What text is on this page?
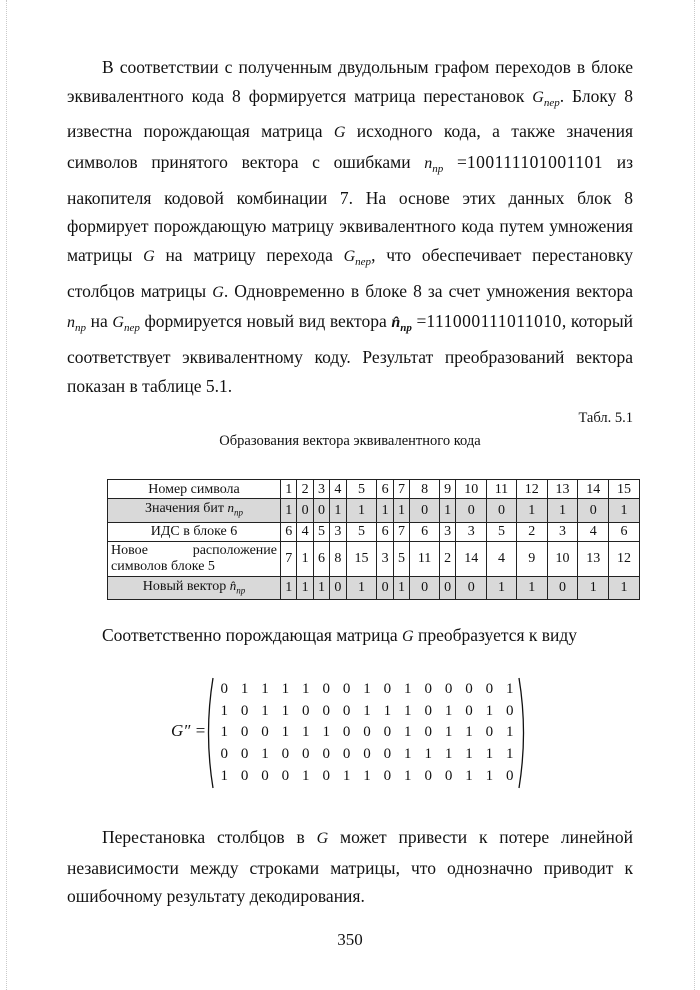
В соответствии с полученным двудольным графом переходов в блоке эквивалентного кода 8 формируется матрица перестановок $G_{пер}$. Блоку 8 известна порождающая матрица G исходного кода, а также значения символов принятого вектора с ошибками $n_{пр} =100111101001101$ из накопителя кодовой комбинации 7. На основе этих данных блок 8 формирует порождающую матрицу эквивалентного кода путем умножения матрицы G на матрицу перехода $G_{пер}$, что обеспечивает перестановку столбцов матрицы G. Одновременно в блоке 8 за счет умножения вектора $n_{пр}$ на $G_{пер}$ формируется новый вид вектора $n̂_{пр} =111000111011010$, который соответствует эквивалентному коду. Результат преобразований вектора показан в таблице 5.1.

Табл. 5.1
Образования вектора эквивалентного кода
Номер символа	1	2	3	4	5	6	7	8	9	10	11	12	13	14	15
Значения бит $n_{пр}$	1	0	0	1	1	1	1	0	1	0	0	1	1	0	1
ИДС в блоке 6	6	4	5	3	5	6	7	6	3	3	5	2	3	4	6
Новое расположение символов блоке 5	7	1	6	8	15	3	5	11	2	14	4	9	10	13	12
Новый вектор $n̂_{пр}$	1	1	1	0	1	0	1	0	0	0	1	1	0	1	1
Соответственно порождающая матрица G преобразуется к виду
G″ =
0 1 1 1 1 0 0 1 0 1 0 0 0 0 1
1 0 1 1 0 0 0 1 1 1 0 1 0 1 0
1 0 0 1 1 1 0 0 0 1 0 1 1 0 1
0 0 1 0 0 0 0 0 0 1 1 1 1 1 1
1 0 0 0 1 0 1 1 0 1 0 0 1 1 0

Перестановка столбцов в G может привести к потере линейной независимости между строками матрицы, что однозначно приводит к ошибочному результату декодирования.

350
